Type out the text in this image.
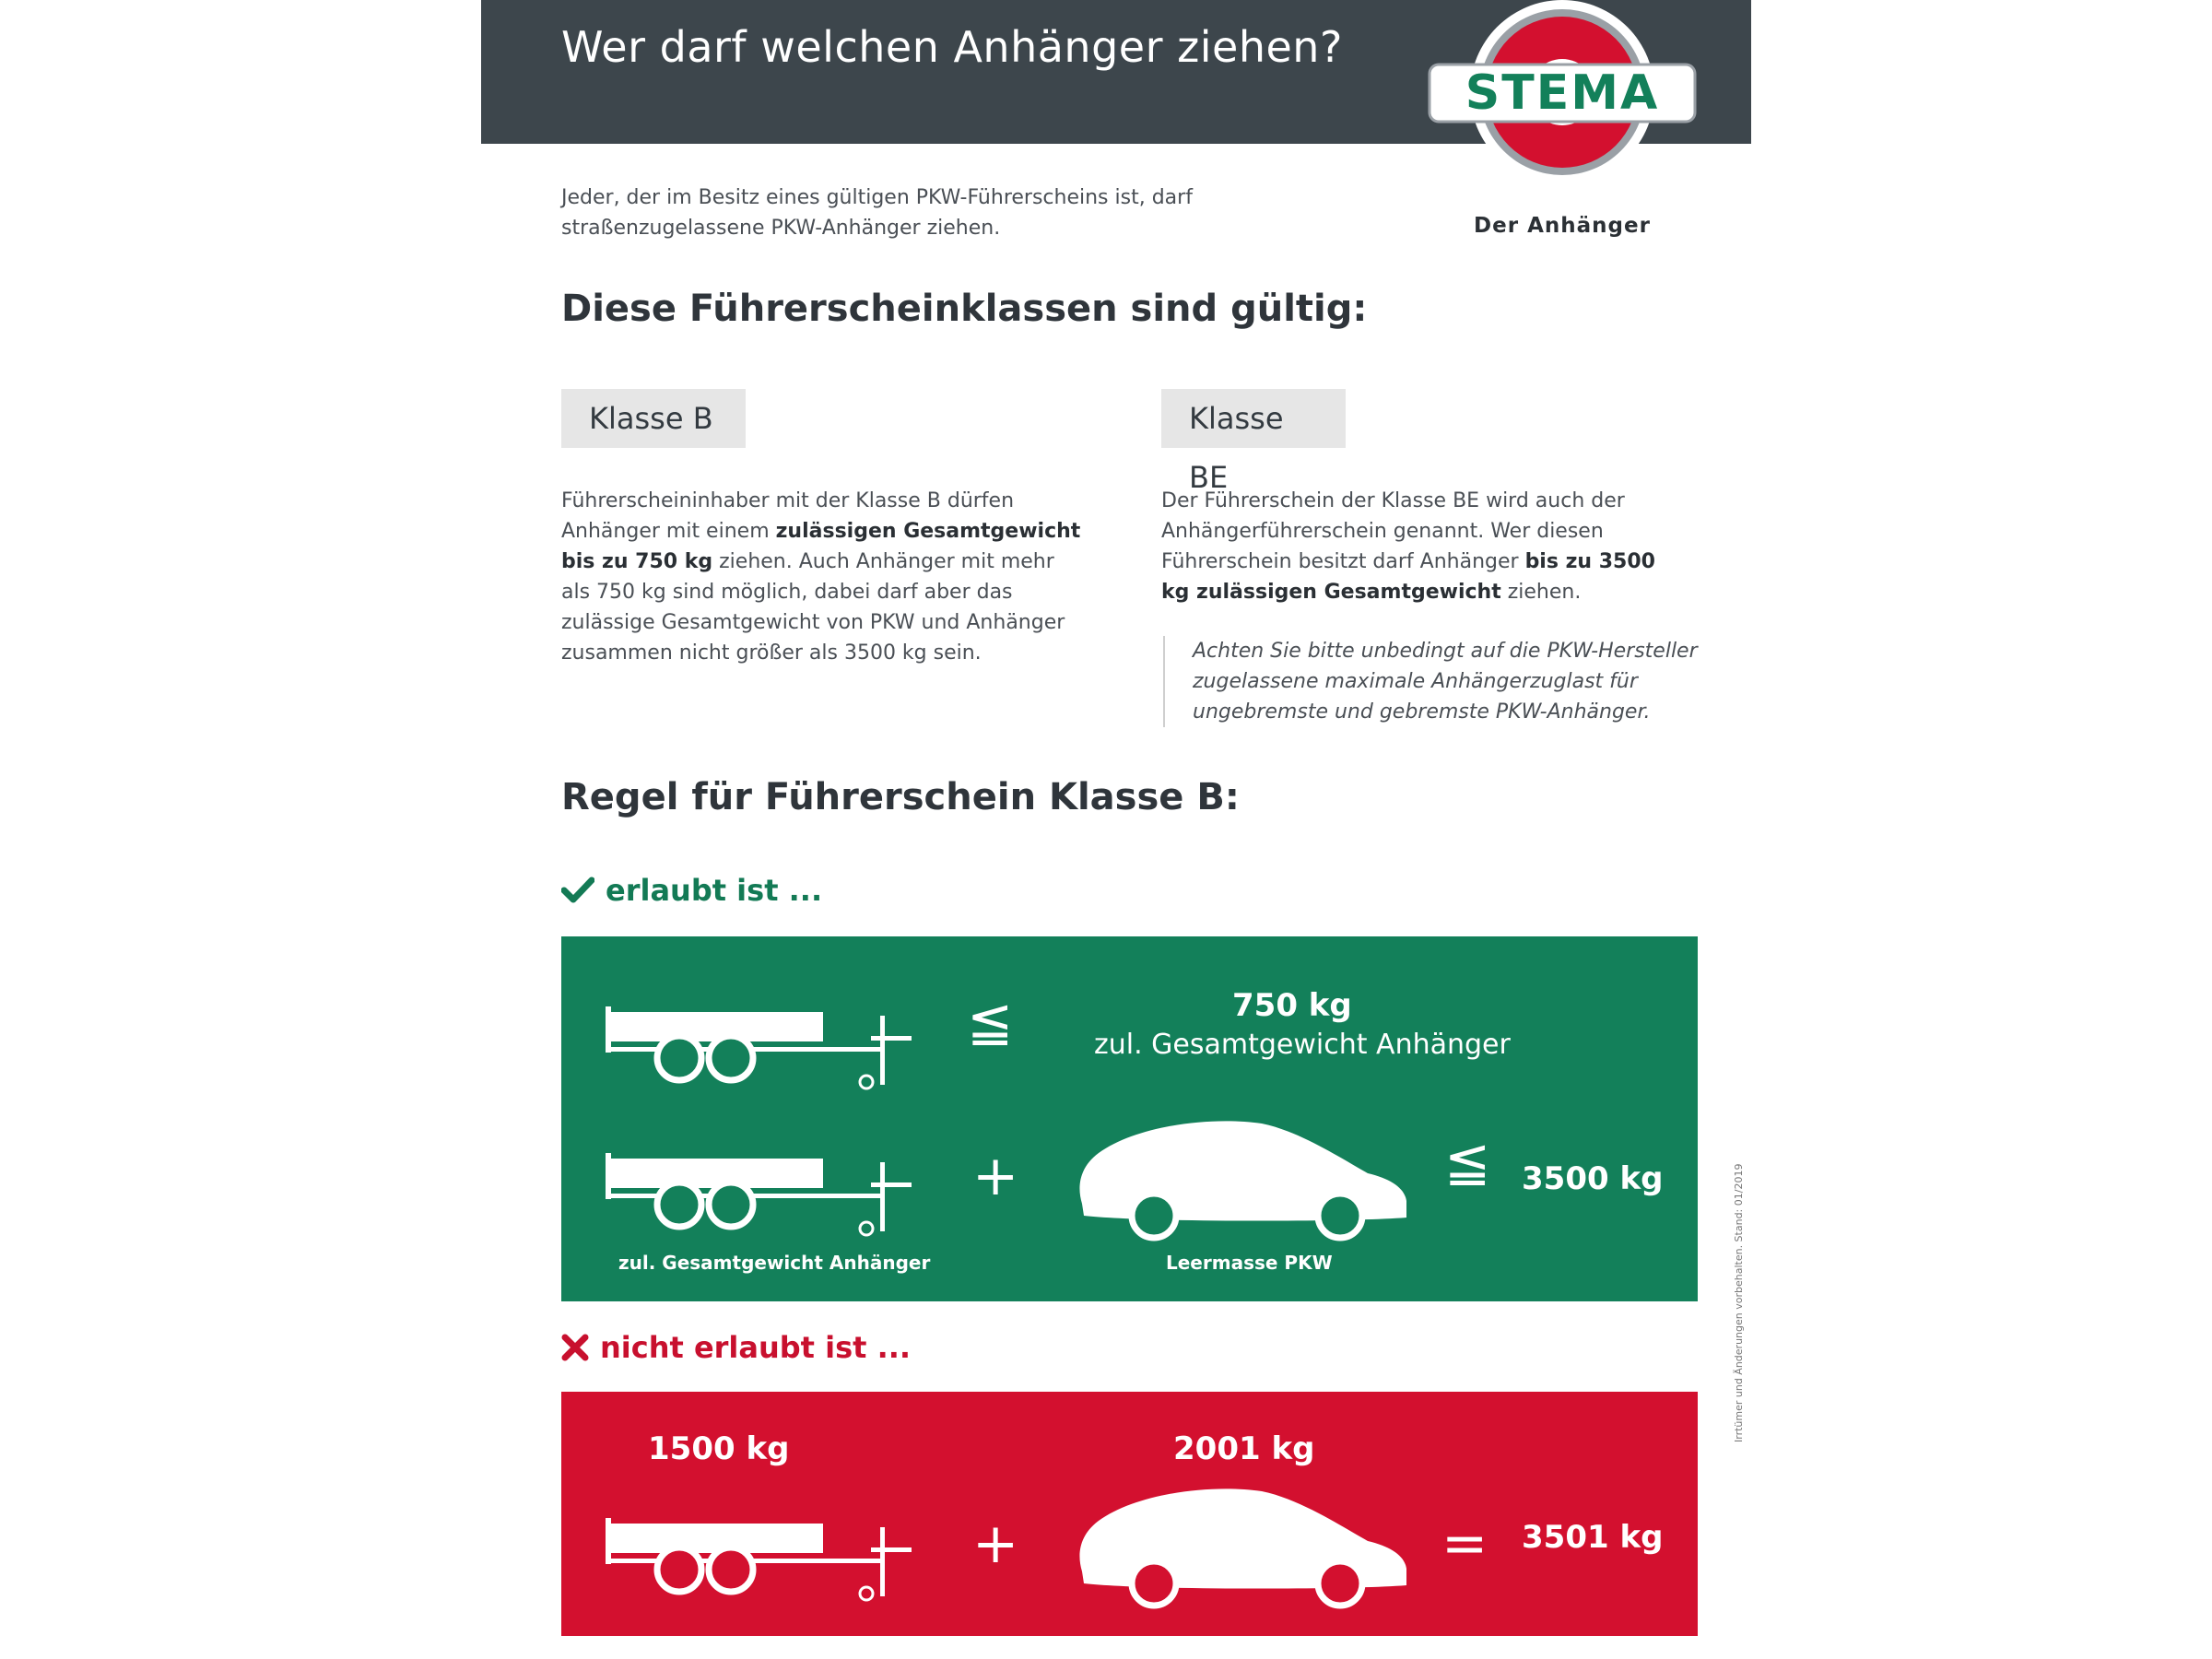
Wer darf welchen Anhänger ziehen?
STEMA
Der Anhänger
Jeder, der im Besitz eines gültigen PKW-Führerscheins ist, darf straßenzugelassene PKW-Anhänger ziehen.
Diese Führerscheinklassen sind gültig:
Klasse B	Klasse BE
Führerscheininhaber mit der Klasse B dürfen Anhänger mit einem zulässigen Gesamtgewicht bis zu 750 kg ziehen. Auch Anhänger mit mehr als 750 kg sind möglich, dabei darf aber das zulässige Gesamtgewicht von PKW und Anhänger zusammen nicht größer als 3500 kg sein.
Der Führerschein der Klasse BE wird auch der Anhängerführerschein genannt. Wer diesen Führerschein besitzt darf Anhänger bis zu 3500 kg zulässigen Gesamtgewicht ziehen.
Achten Sie bitte unbedingt auf die PKW-Hersteller zugelassene maximale Anhängerzuglast für ungebremste und gebremste PKW-Anhänger.
Regel für Führerschein Klasse B:
erlaubt ist ...
≦	750 kg
zul. Gesamtgewicht Anhänger
+	≦ 3500 kg
zul. Gesamtgewicht Anhänger	Leermasse PKW
nicht erlaubt ist ...
1500 kg	2001 kg
+	= 3501 kg
Irrtümer und Änderungen vorbehalten. Stand: 01/2019
